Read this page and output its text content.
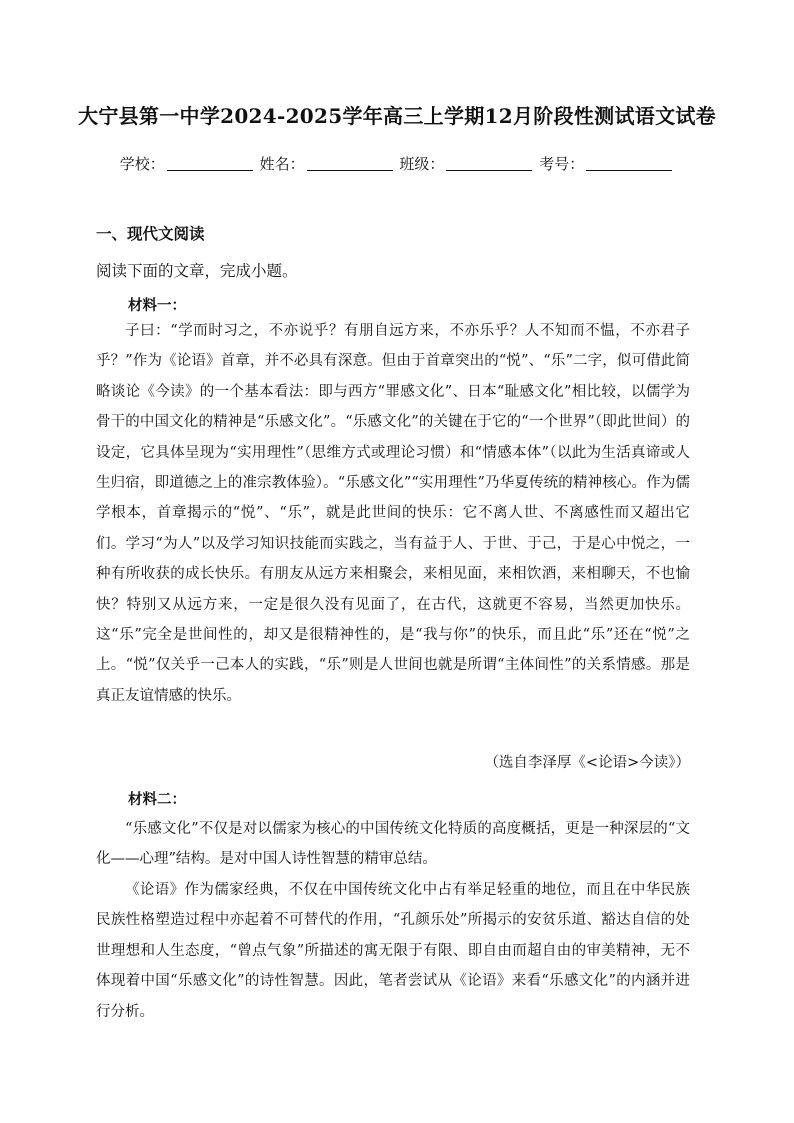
大宁县第一中学2024-2025学年高三上学期12月阶段性测试语文试卷
学校：	姓名：	班级：	考号：
一、现代文阅读
阅读下面的文章，完成小题。
材料一：

子曰：“学而时习之，不亦说乎？有朋自远方来，不亦乐乎？人不知而不愠，不亦君子乎？”作为《论语》首章，并不必具有深意。但由于首章突出的“悦”、“乐”二字，似可借此简略谈论《今读》的一个基本看法：即与西方“罪感文化”、日本“耻感文化”相比较，以儒学为骨干的中国文化的精神是“乐感文化”。“乐感文化”的关键在于它的“一个世界”（即此世间）的设定，它具体呈现为“实用理性”（思维方式或理论习惯）和“情感本体”（以此为生活真谛或人生归宿，即道德之上的准宗教体验）。“乐感文化”“实用理性”乃华夏传统的精神核心。作为儒学根本，首章揭示的“悦”、“乐”，就是此世间的快乐：它不离人世、不离感性而又超出它们。学习“为人”以及学习知识技能而实践之，当有益于人、于世、于己，于是心中悦之，一种有所收获的成长快乐。有朋友从远方来相聚会，来相见面，来相饮酒，来相聊天，不也愉快？特别又从远方来，一定是很久没有见面了，在古代，这就更不容易，当然更加快乐。这“乐”完全是世间性的，却又是很精神性的，是“我与你”的快乐，而且此“乐”还在“悦”之上。“悦”仅关乎一己本人的实践，“乐”则是人世间也就是所谓“主体间性”的关系情感。那是真正友谊情感的快乐。

（选自李泽厚《<论语>今读》）
材料二：

“乐感文化”不仅是对以儒家为核心的中国传统文化特质的高度概括，更是一种深层的“文化——心理”结构。是对中国人诗性智慧的精审总结。

《论语》作为儒家经典，不仅在中国传统文化中占有举足轻重的地位，而且在中华民族民族性格塑造过程中亦起着不可替代的作用，“孔颜乐处”所揭示的安贫乐道、豁达自信的处世理想和人生态度，“曾点气象”所描述的寓无限于有限、即自由而超自由的审美精神，无不体现着中国“乐感文化”的诗性智慧。因此，笔者尝试从《论语》来看“乐感文化”的内涵并进行分析。
